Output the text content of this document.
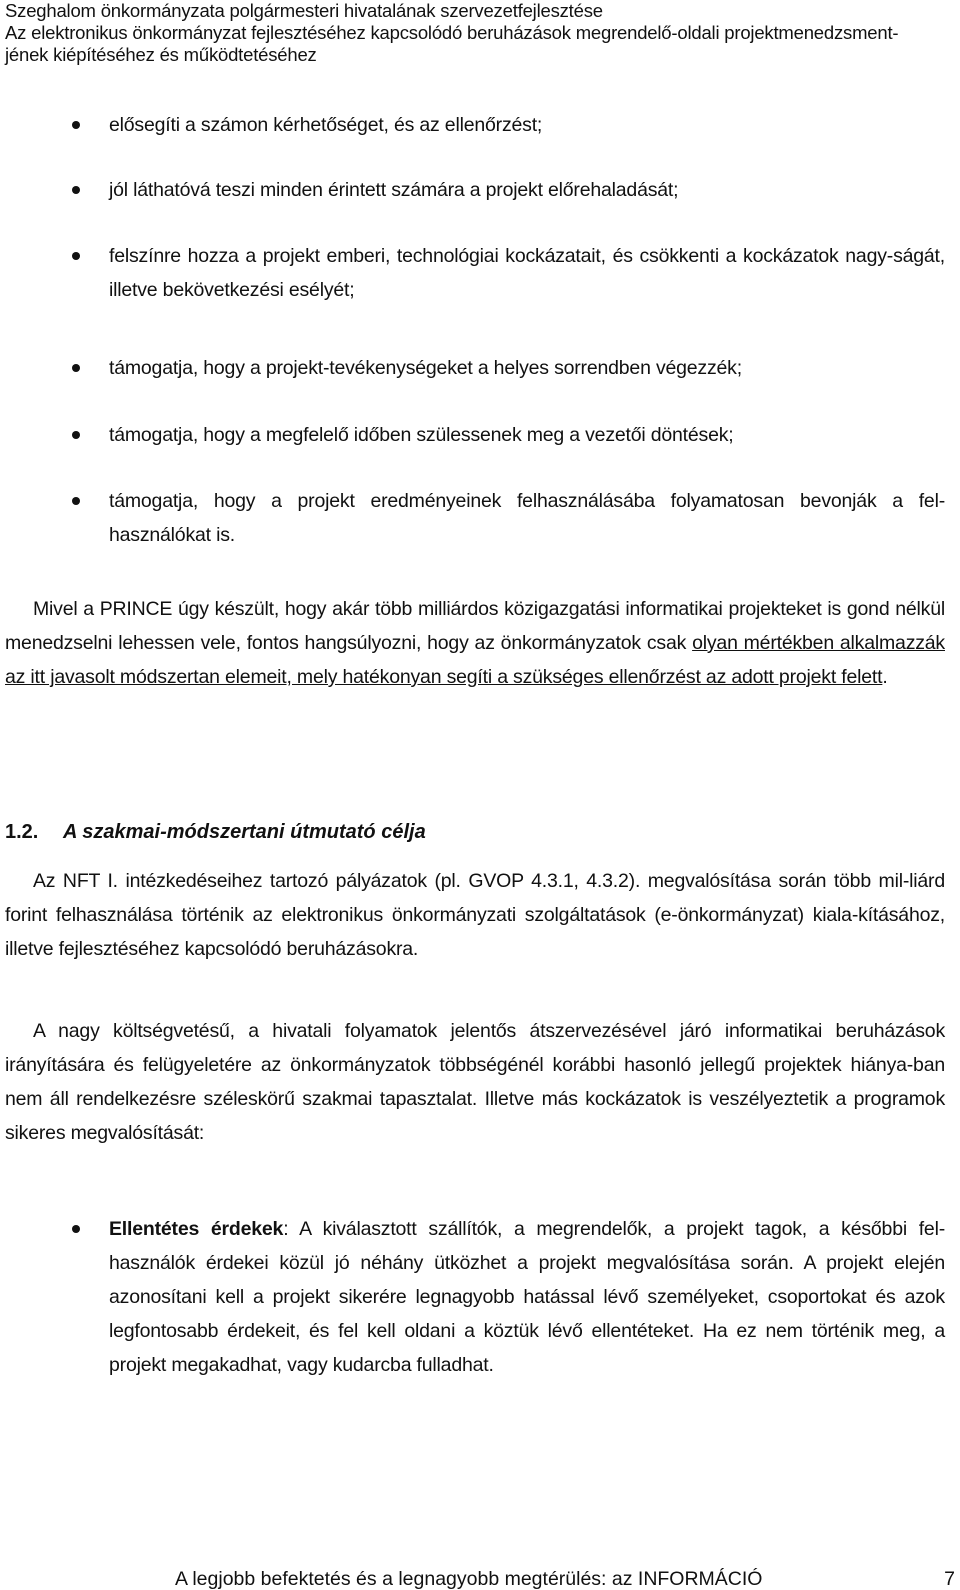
Szeghalom önkormányzata polgármesteri hivatalának szervezetfejlesztése
Az elektronikus önkormányzat fejlesztéséhez kapcsolódó beruházások megrendelő-oldali projektmenedzsment-
jének kiépítéséhez és működtetéséhez
elősegíti a számon kérhetőséget, és az ellenőrzést;
jól láthatóvá teszi minden érintett számára a projekt előrehaladását;
felszínre hozza a projekt emberi, technológiai kockázatait, és csökkenti a kockázatok nagy-ságát, illetve bekövetkezési esélyét;
támogatja, hogy a projekt-tevékenységeket a helyes sorrendben végezzék;
támogatja, hogy a megfelelő időben szülessenek meg a vezetői döntések;
támogatja, hogy a projekt eredményeinek felhasználásába folyamatosan bevonják a fel-használókat is.
Mivel a PRINCE úgy készült, hogy akár több milliárdos közigazgatási informatikai projekteket is gond nélkül menedzselni lehessen vele, fontos hangsúlyozni, hogy az önkormányzatok csak olyan mértékben alkalmazzák az itt javasolt módszertan elemeit, mely hatékonyan segíti a szükséges ellenőrzést az adott projekt felett.
1.2. A szakmai-módszertani útmutató célja
Az NFT I. intézkedéseihez tartozó pályázatok (pl. GVOP 4.3.1, 4.3.2). megvalósítása során több mil-liárd forint felhasználása történik az elektronikus önkormányzati szolgáltatások (e-önkormányzat) kiala-kításához, illetve fejlesztéséhez kapcsolódó beruházásokra.
A nagy költségvetésű, a hivatali folyamatok jelentős átszervezésével járó informatikai beruházások irányítására és felügyeletére az önkormányzatok többségénél korábbi hasonló jellegű projektek hiánya-ban nem áll rendelkezésre széleskörű szakmai tapasztalat. Illetve más kockázatok is veszélyeztetik a programok sikeres megvalósítását:
Ellentétes érdekek: A kiválasztott szállítók, a megrendelők, a projekt tagok, a későbbi fel-használók érdekei közül jó néhány ütközhet a projekt megvalósítása során. A projekt elején azonosítani kell a projekt sikerére legnagyobb hatással lévő személyeket, csoportokat és azok legfontosabb érdekeit, és fel kell oldani a köztük lévő ellentéteket. Ha ez nem történik meg, a projekt megakadhat, vagy kudarcba fulladhat.
A legjobb befektetés és a legnagyobb megtérülés: az INFORMÁCIÓ	7
